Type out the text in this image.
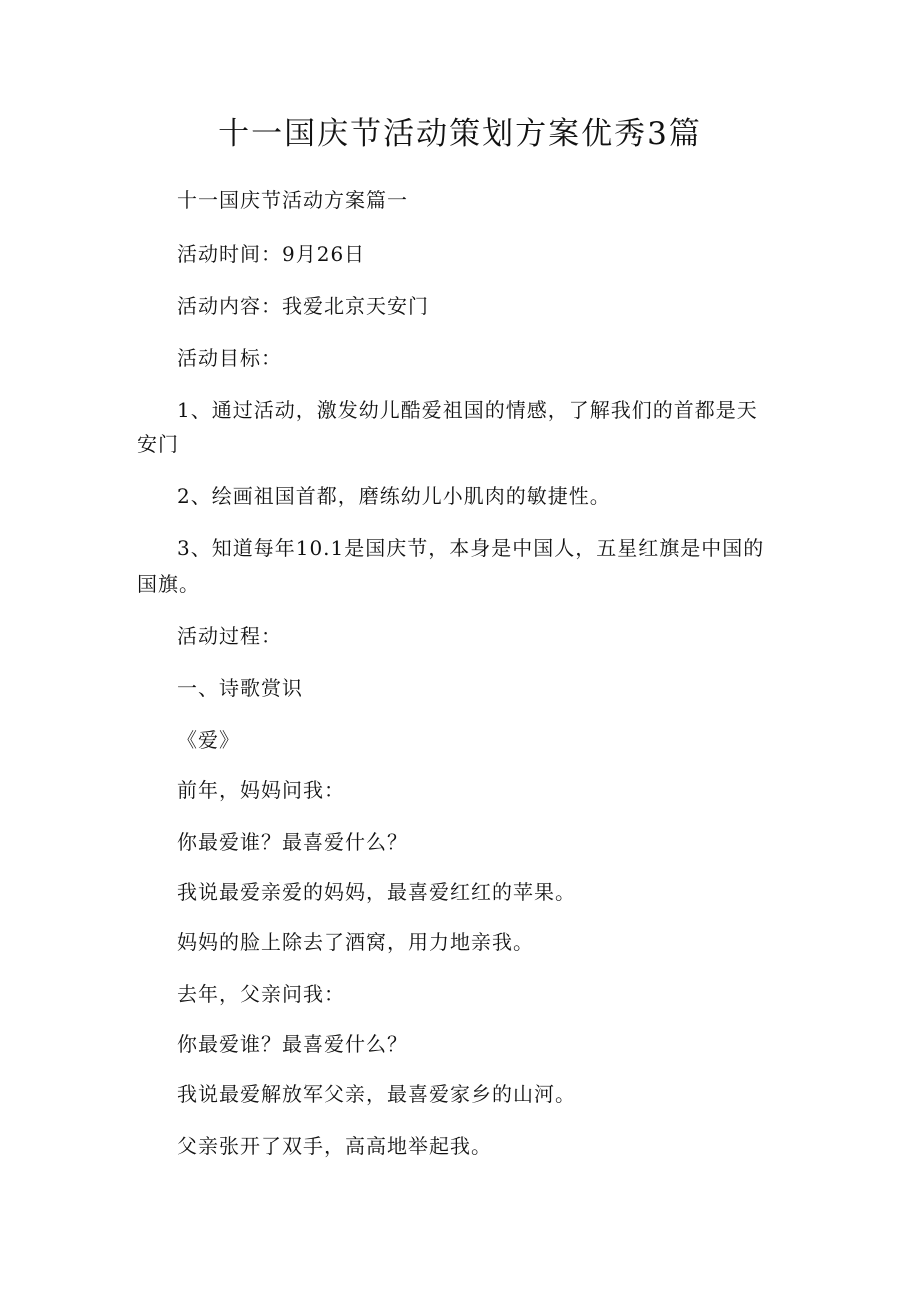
十一国庆节活动策划方案优秀3篇

十一国庆节活动方案篇一

活动时间：9月26日

活动内容：我爱北京天安门

活动目标：

1、通过活动，激发幼儿酷爱祖国的情感，了解我们的首都是天

安门

2、绘画祖国首都，磨练幼儿小肌肉的敏捷性。

3、知道每年10.1是国庆节，本身是中国人，五星红旗是中国的

国旗。

活动过程：

一、诗歌赏识

《爱》

前年，妈妈问我：

你最爱谁？最喜爱什么？

我说最爱亲爱的妈妈，最喜爱红红的苹果。

妈妈的脸上除去了酒窝，用力地亲我。

去年，父亲问我：

你最爱谁？最喜爱什么？

我说最爱解放军父亲，最喜爱家乡的山河。

父亲张开了双手，高高地举起我。
